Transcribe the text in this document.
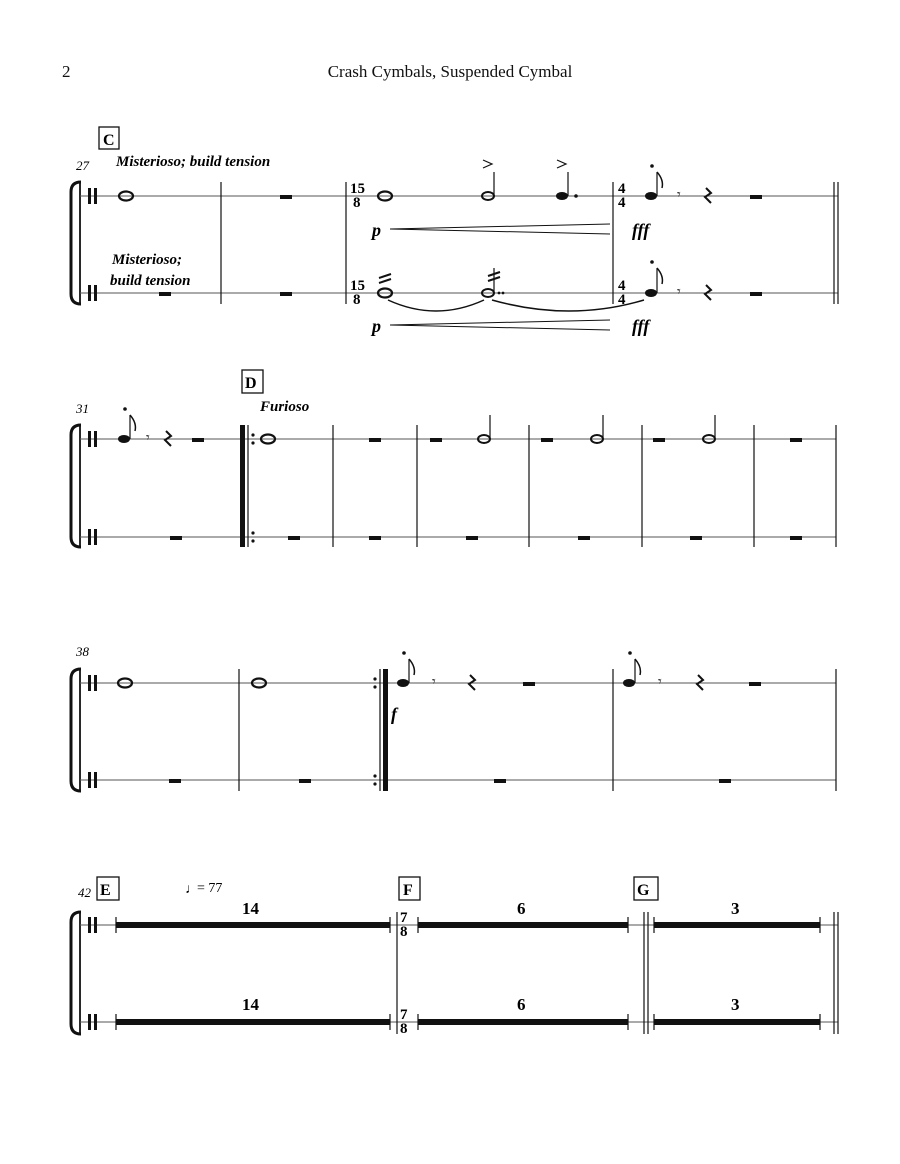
2	Crash Cymbals, Suspended Cymbal
27
C
Misterioso; build tension
Misterioso;
build tension
15
8
15
8
p
p
4
4
4
4
𝄾
fff
𝄾
fff
31
D
Furioso
𝄾
38
f
𝄾	𝄾
42 E	♩
= 77	F	G
14
14
7
8
7
8
6
6
3
3
